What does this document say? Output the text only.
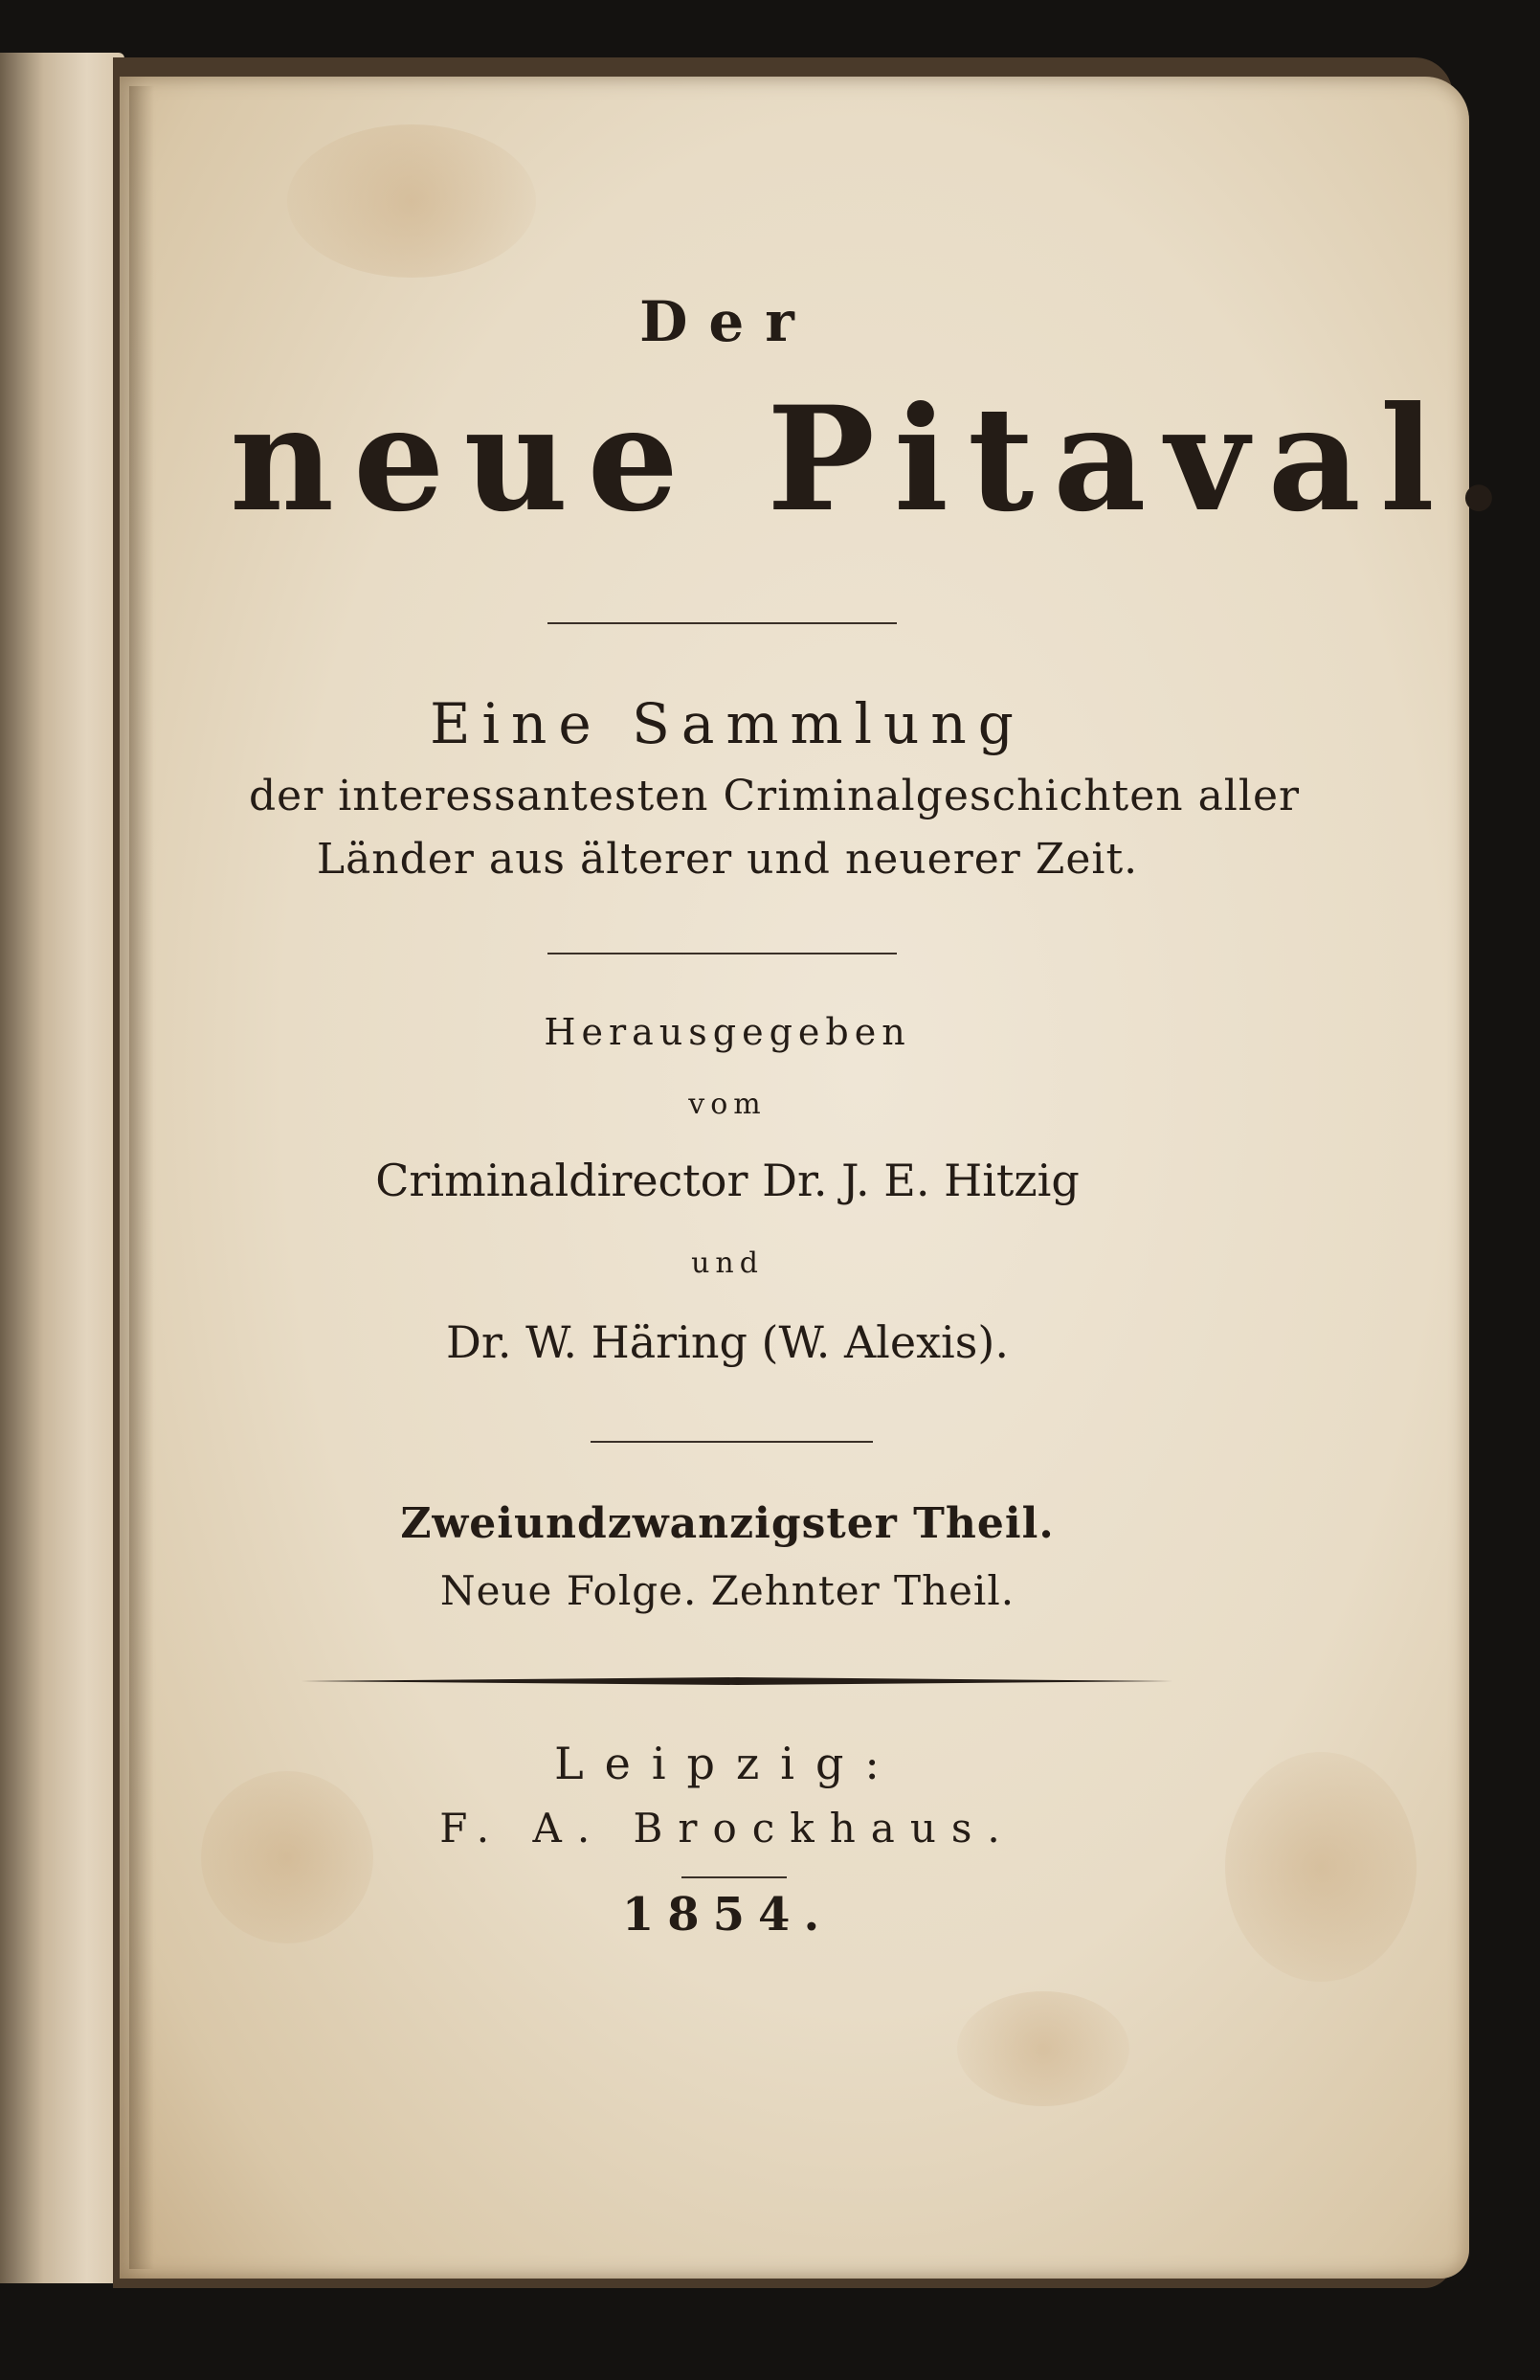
Der
neue Pitaval.
Eine Sammlung
der interessantesten Criminalgeschichten aller
Länder aus älterer und neuerer Zeit.
Herausgegeben
vom
Criminaldirector Dr. J. E. Hitzig
und
Dr. W. Häring (W. Alexis).
Zweiundzwanzigster Theil.
Neue Folge. Zehnter Theil.
Leipzig:
F. A. Brockhaus.
1854.
